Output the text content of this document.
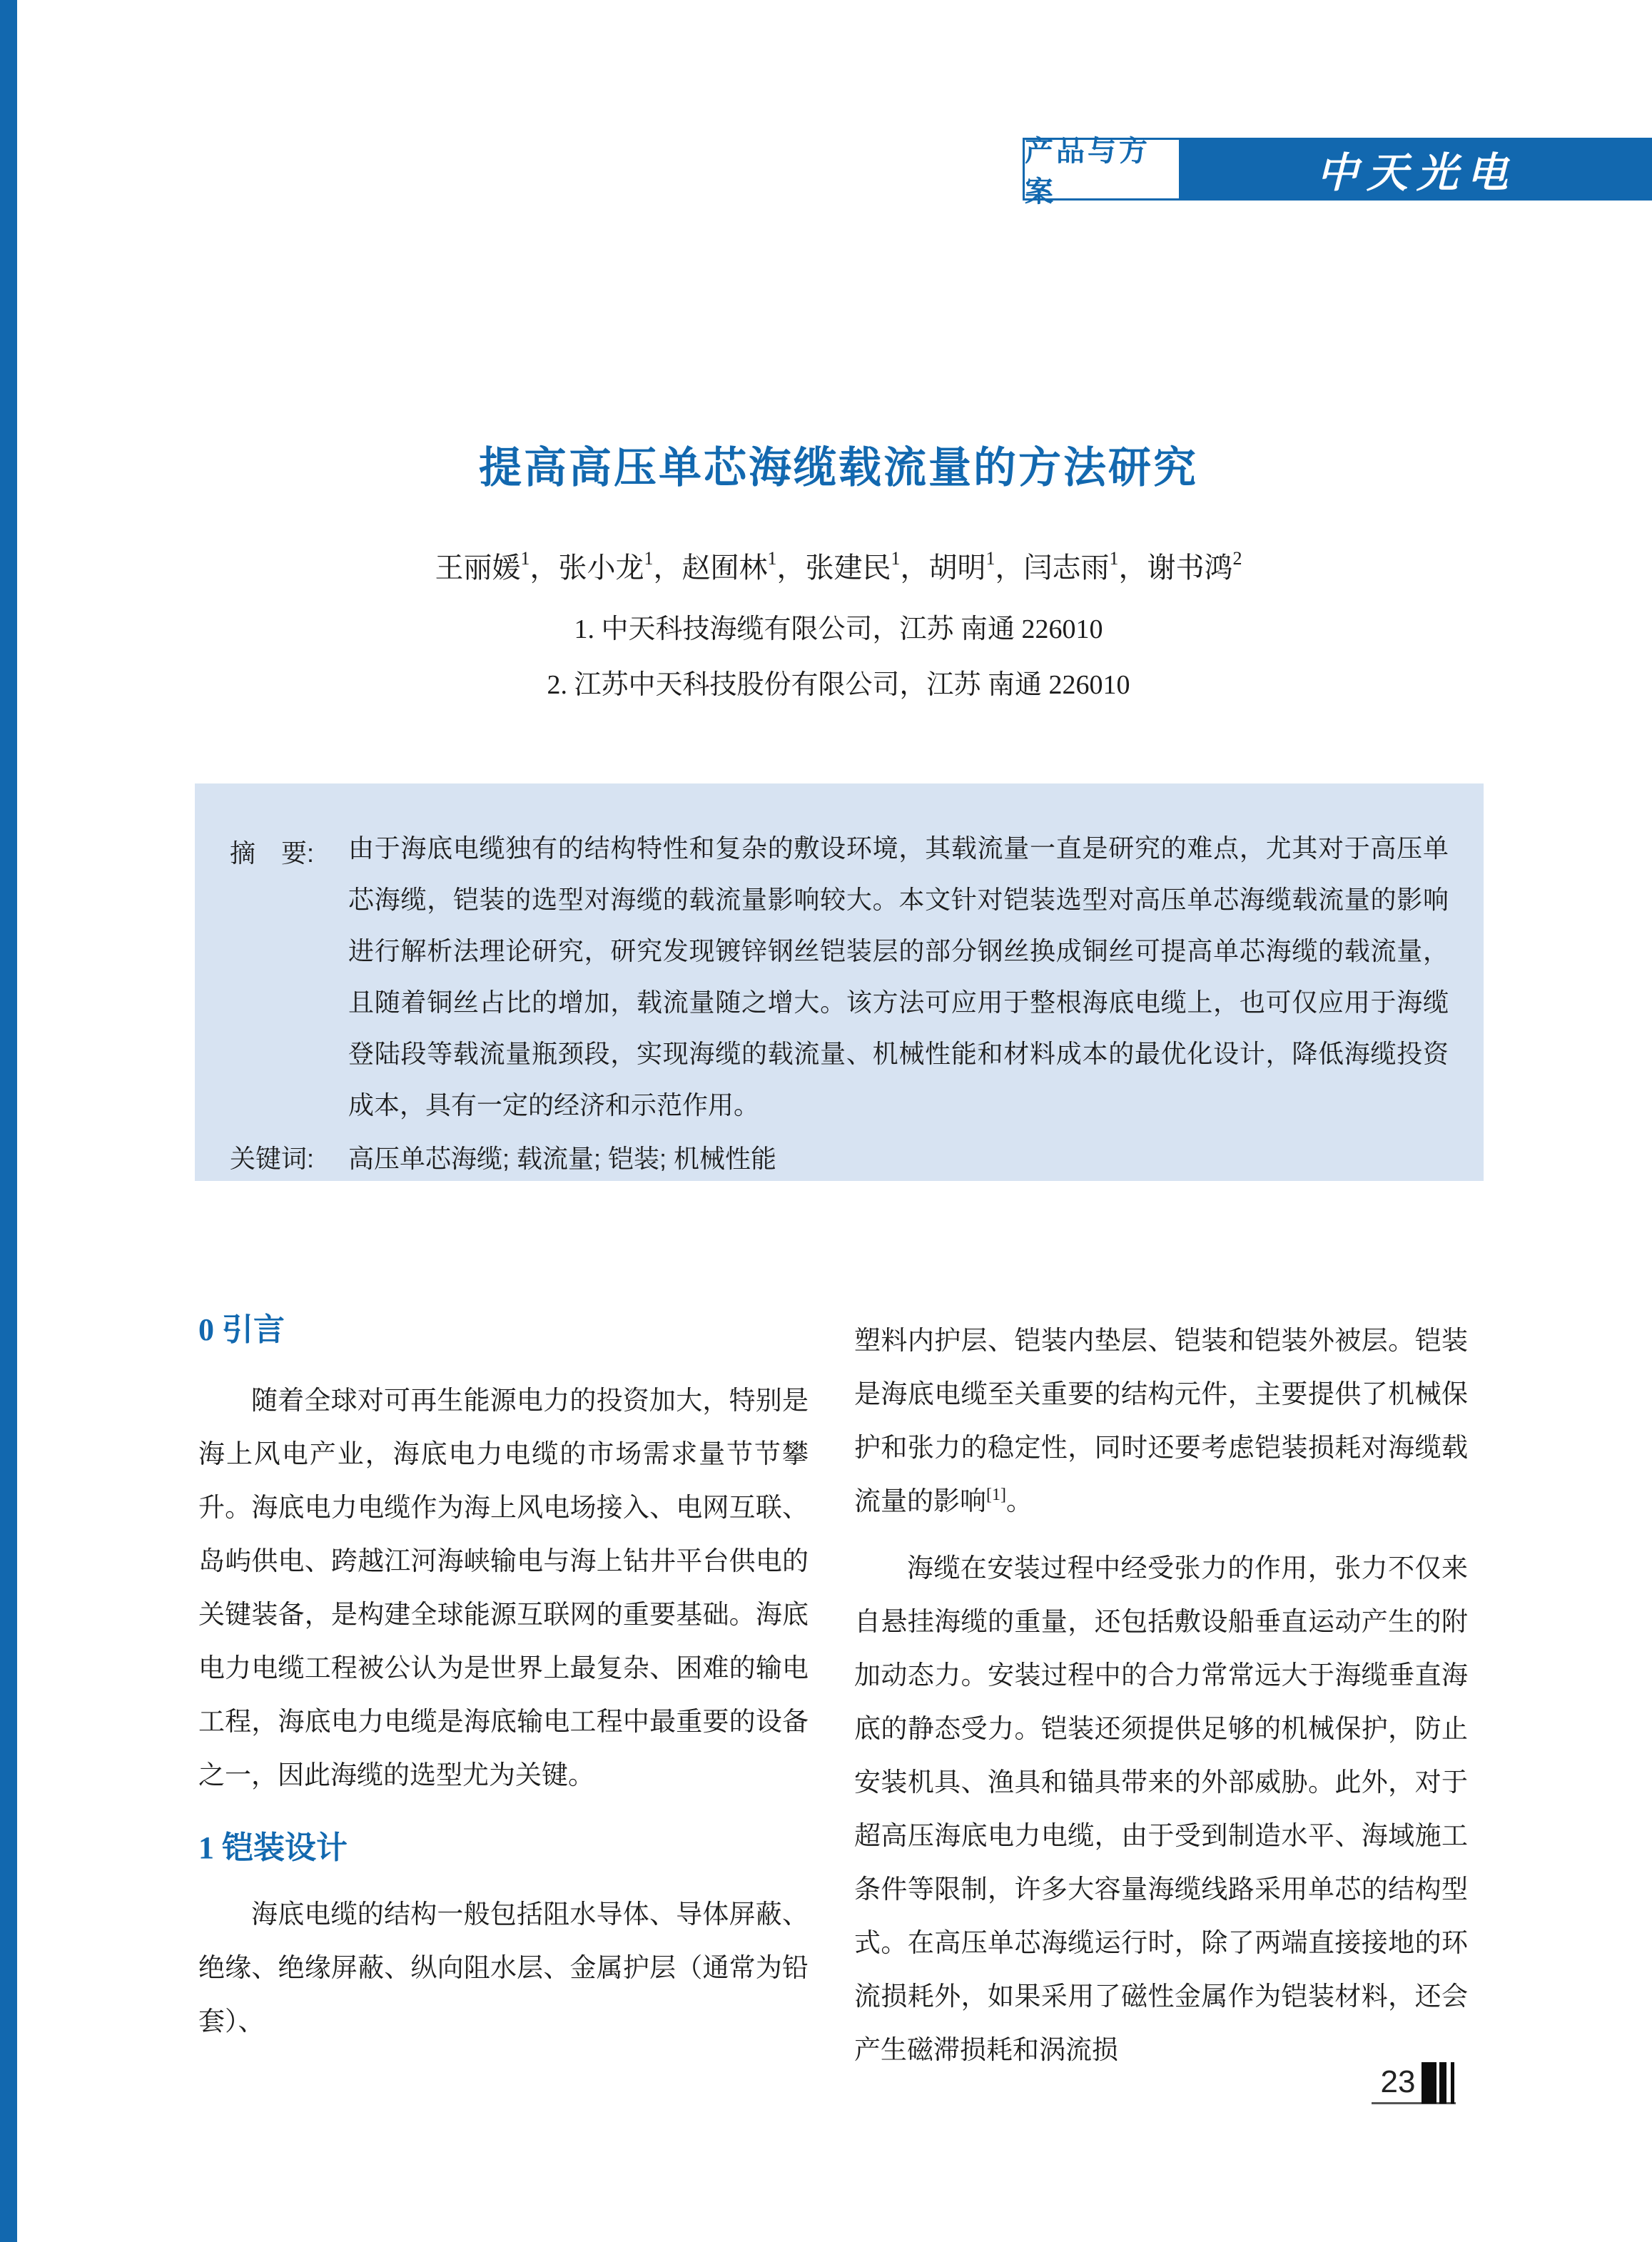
产品与方案	中天光电
提高高压单芯海缆载流量的方法研究
王丽媛$^1$，张小龙$^1$，赵囿林$^1$，张建民$^1$，胡明$^1$，闫志雨$^1$，谢书鸿$^2$
1. 中天科技海缆有限公司，江苏 南通 226010
2. 江苏中天科技股份有限公司，江苏 南通 226010
摘　要: 由于海底电缆独有的结构特性和复杂的敷设环境，其载流量一直是研究的难点，尤其对于高压单芯海缆，铠装的选型对海缆的载流量影响较大。本文针对铠装选型对高压单芯海缆载流量的影响进行解析法理论研究，研究发现镀锌钢丝铠装层的部分钢丝换成铜丝可提高单芯海缆的载流量，且随着铜丝占比的增加，载流量随之增大。该方法可应用于整根海底电缆上，也可仅应用于海缆登陆段等载流量瓶颈段，实现海缆的载流量、机械性能和材料成本的最优化设计，降低海缆投资成本，具有一定的经济和示范作用。
关键词: 高压单芯海缆; 载流量; 铠装; 机械性能
0 引言

随着全球对可再生能源电力的投资加大，特别是海上风电产业，海底电力电缆的市场需求量节节攀升。海底电力电缆作为海上风电场接入、电网互联、岛屿供电、跨越江河海峡输电与海上钻井平台供电的关键装备，是构建全球能源互联网的重要基础。海底电力电缆工程被公认为是世界上最复杂、困难的输电工程，海底电力电缆是海底输电工程中最重要的设备之一，因此海缆的选型尤为关键。

1 铠装设计

海底电缆的结构一般包括阻水导体、导体屏蔽、绝缘、绝缘屏蔽、纵向阻水层、金属护层（通常为铅套）、

塑料内护层、铠装内垫层、铠装和铠装外被层。铠装是海底电缆至关重要的结构元件，主要提供了机械保护和张力的稳定性，同时还要考虑铠装损耗对海缆载流量的影响[1]。

海缆在安装过程中经受张力的作用，张力不仅来自悬挂海缆的重量，还包括敷设船垂直运动产生的附加动态力。安装过程中的合力常常远大于海缆垂直海底的静态受力。铠装还须提供足够的机械保护，防止安装机具、渔具和锚具带来的外部威胁。此外，对于超高压海底电力电缆，由于受到制造水平、海域施工条件等限制，许多大容量海缆线路采用单芯的结构型式。在高压单芯海缆运行时，除了两端直接接地的环流损耗外，如果采用了磁性金属作为铠装材料，还会产生磁滞损耗和涡流损

23
